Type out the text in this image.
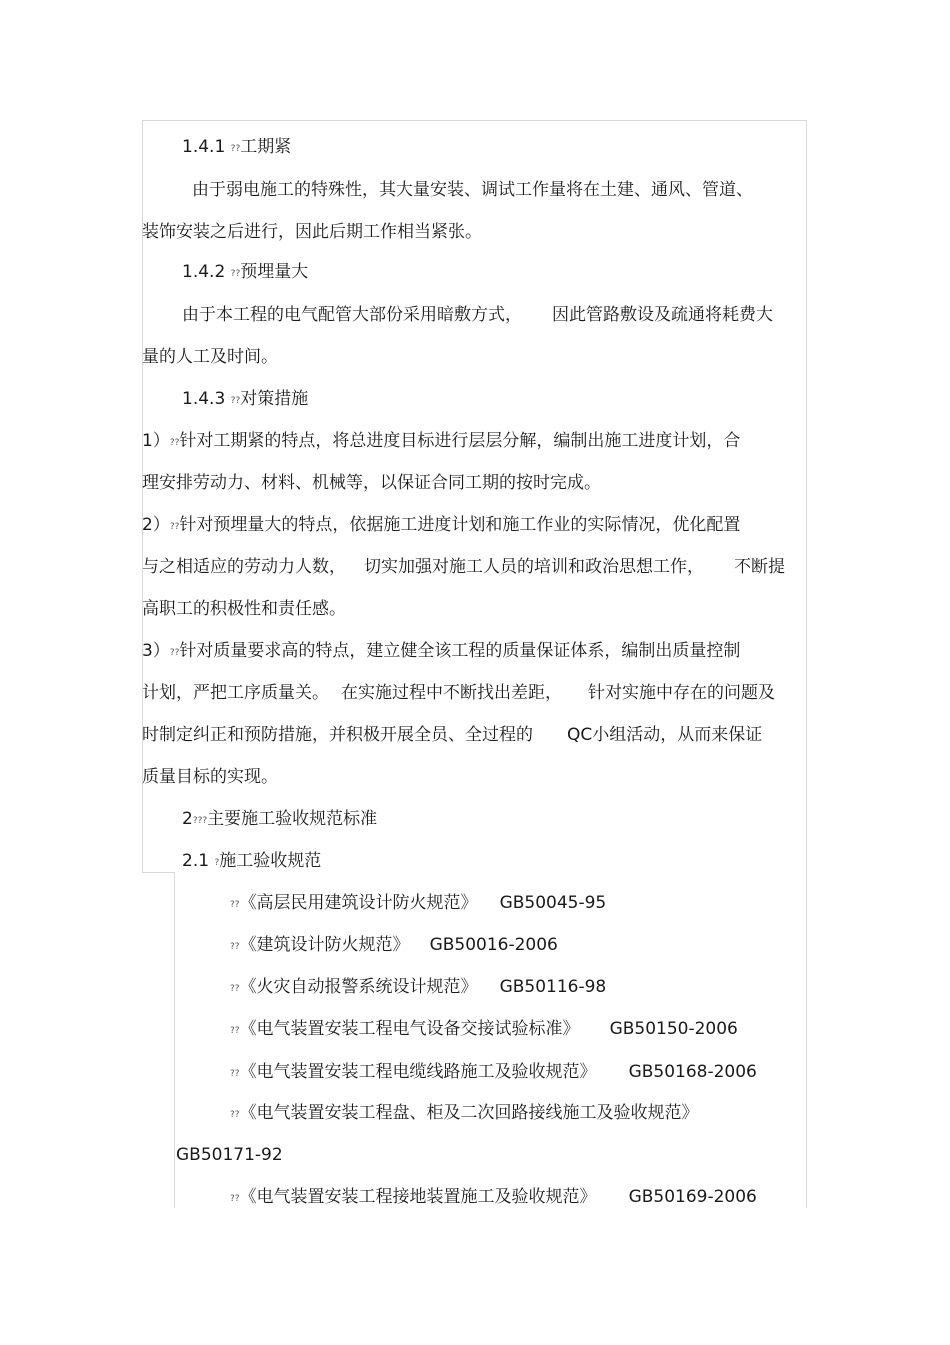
1.4.1 ??工期紧

由于弱电施工的特殊性，其大量安装、调试工作量将在土建、通风、管道、

装饰安装之后进行，因此后期工作相当紧张。

1.4.2 ??预埋量大

由于本工程的电气配管大部份采用暗敷方式， 因此管路敷设及疏通将耗费大

量的人工及时间。

1.4.3 ??对策措施

1）??针对工期紧的特点，将总进度目标进行层层分解，编制出施工进度计划，合

理安排劳动力、材料、机械等，以保证合同工期的按时完成。

2）??针对预埋量大的特点，依据施工进度计划和施工作业的实际情况，优化配置

与之相适应的劳动力人数， 切实加强对施工人员的培训和政治思想工作， 不断提

高职工的积极性和责任感。

3）??针对质量要求高的特点，建立健全该工程的质量保证体系，编制出质量控制

计划，严把工序质量关。 在实施过程中不断找出差距， 针对实施中存在的问题及

时制定纠正和预防措施，并积极开展全员、全过程的 QC小组活动，从而来保证

质量目标的实现。

2???主要施工验收规范标准

2.1 ?施工验收规范

??《高层民用建筑设计防火规范》 GB50045-95

??《建筑设计防火规范》 GB50016-2006

??《火灾自动报警系统设计规范》 GB50116-98

??《电气装置安装工程电气设备交接试验标准》 GB50150-2006

??《电气装置安装工程电缆线路施工及验收规范》 GB50168-2006

??《电气装置安装工程盘、柜及二次回路接线施工及验收规范》

GB50171-92

??《电气装置安装工程接地装置施工及验收规范》 GB50169-2006
